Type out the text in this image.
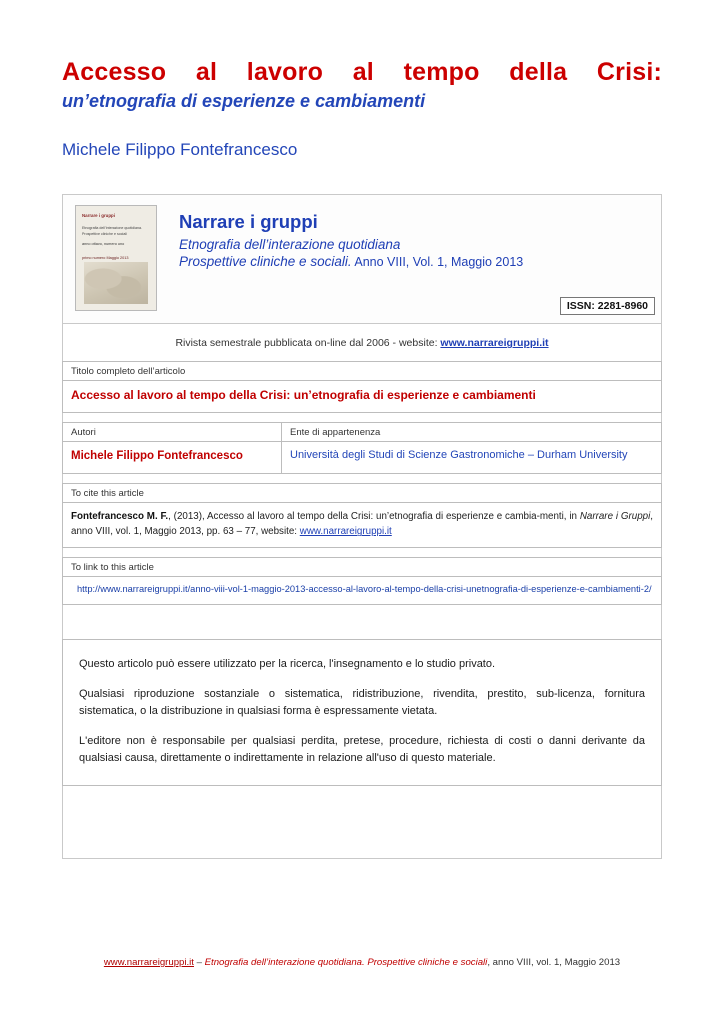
Accesso al lavoro al tempo della Crisi:
un’etnografia di esperienze e cambiamenti
Michele Filippo Fontefrancesco
Narrare i gruppi
Etnografia dell’interazione quotidiana. Prospettive cliniche e sociali
anno ottavo, numero uno
primo numero Maggio 2013
Narrare i gruppi
Etnografia dell’interazione quotidiana
Prospettive cliniche e sociali. Anno VIII, Vol. 1, Maggio 2013
ISSN: 2281-8960
Rivista semestrale pubblicata on-line dal 2006 - website: www.narrareigruppi.it
Titolo completo dell’articolo
Accesso al lavoro al tempo della Crisi: un’etnografia di esperienze e cambiamenti
Autori
Michele Filippo Fontefrancesco
Ente di appartenenza
Università degli Studi di Scienze Gastronomiche – Durham University
To cite this article
Fontefrancesco M. F., (2013), Accesso al lavoro al tempo della Crisi: un’etnografia di esperienze e cambia-menti, in Narrare i Gruppi, anno VIII, vol. 1, Maggio 2013, pp. 63 – 77, website: www.narrareigruppi.it
To link to this article
http://www.narrareigruppi.it/anno-viii-vol-1-maggio-2013-accesso-al-lavoro-al-tempo-della-crisi-unetnografia-di-esperienze-e-cambiamenti-2/

Questo articolo può essere utilizzato per la ricerca, l'insegnamento e lo studio privato.

Qualsiasi riproduzione sostanziale o sistematica, ridistribuzione, rivendita, prestito, sub-licenza, fornitura sistematica, o la distribuzione in qualsiasi forma è espressamente vietata.

L'editore non è responsabile per qualsiasi perdita, pretese, procedure, richiesta di costi o danni derivante da qualsiasi causa, direttamente o indirettamente in relazione all'uso di questo materiale.

www.narrareigruppi.it – Etnografia dell’interazione quotidiana. Prospettive cliniche e sociali, anno VIII, vol. 1, Maggio 2013
